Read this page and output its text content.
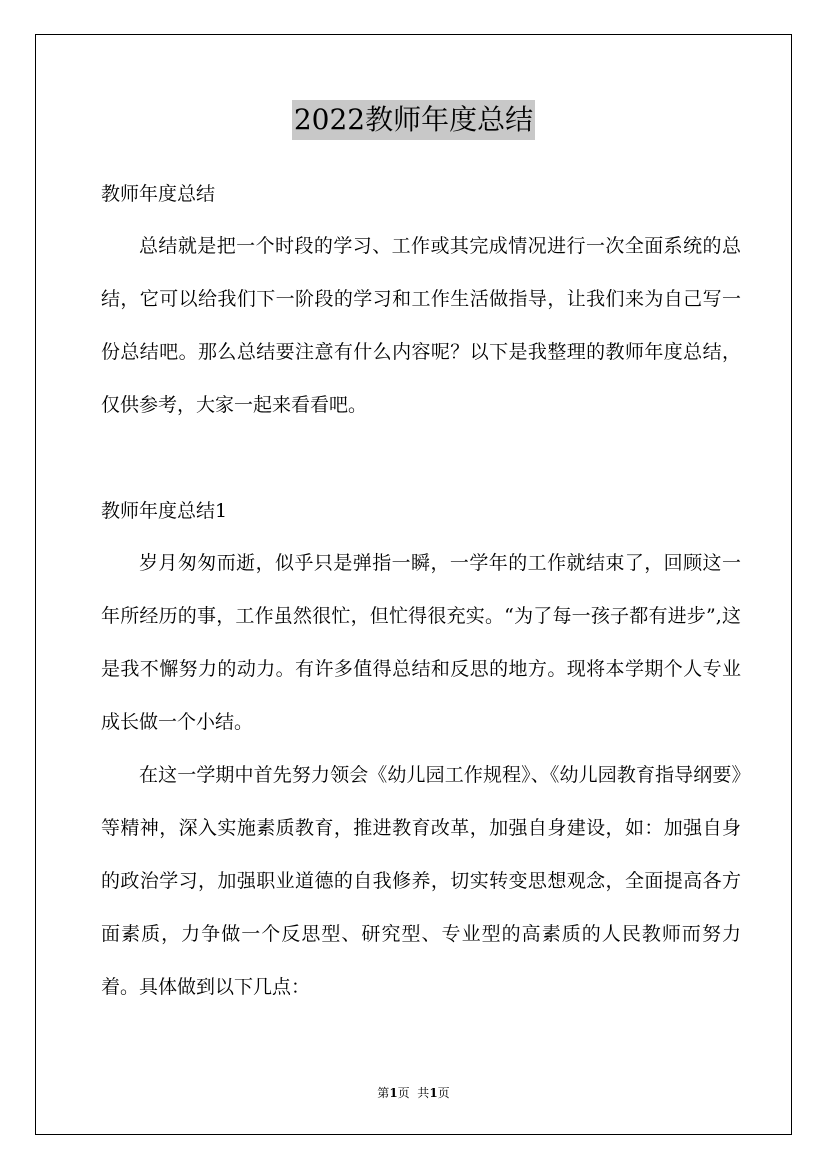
2022教师年度总结
教师年度总结

总结就是把一个时段的学习、工作或其完成情况进行一次全面系统的总结，它可以给我们下一阶段的学习和工作生活做指导，让我们来为自己写一份总结吧。那么总结要注意有什么内容呢？以下是我整理的教师年度总结，仅供参考，大家一起来看看吧。

教师年度总结1

岁月匆匆而逝，似乎只是弹指一瞬，一学年的工作就结束了，回顾这一年所经历的事，工作虽然很忙，但忙得很充实。“为了每一孩子都有进步”,这是我不懈努力的动力。有许多值得总结和反思的地方。现将本学期个人专业成长做一个小结。

在这一学期中首先努力领会《幼儿园工作规程》、《幼儿园教育指导纲要》等精神，深入实施素质教育，推进教育改革，加强自身建设，如：加强自身的政治学习，加强职业道德的自我修养，切实转变思想观念，全面提高各方面素质，力争做一个反思型、研究型、专业型的高素质的人民教师而努力着。具体做到以下几点：

第1页  共1页
